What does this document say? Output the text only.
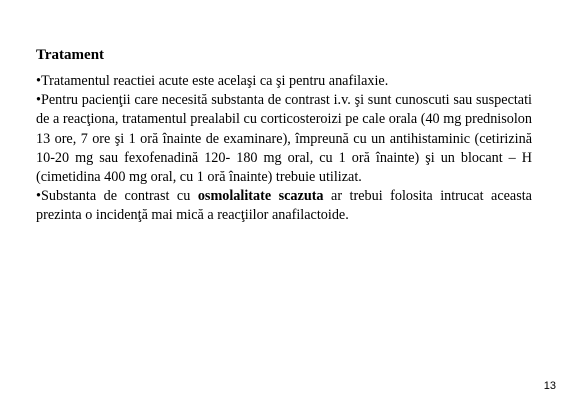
Tratament

•Tratamentul reactiei acute este acelaşi ca şi pentru anafilaxie.

•Pentru pacienţii care necesită substanta de contrast i.v. şi sunt cunoscuti sau suspectati de a reacţiona, tratamentul prealabil cu corticosteroizi pe cale orala (40 mg prednisolon 13 ore, 7 ore şi 1 oră înainte de examinare), împreună cu un antihistaminic (cetirizină 10-20 mg sau fexofenadină 120- 180 mg oral, cu 1 oră înainte) şi un blocant – H (cimetidina 400 mg oral, cu 1 oră înainte) trebuie utilizat.

•Substanta de contrast cu osmolalitate scazuta ar trebui folosita intrucat aceasta prezinta o incidenţă mai mică a reacţiilor anafilactoide.

13
